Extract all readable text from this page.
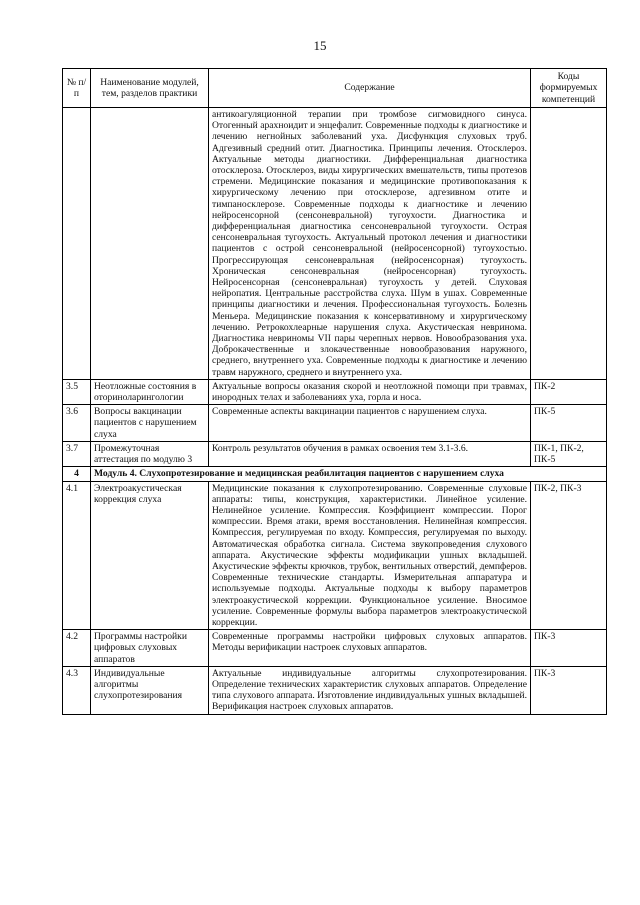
15
№ п/п	Наименование модулей, тем, разделов практики	Содержание	Коды формируемых компетенций
		антикоагуляционной терапии при тромбозе сигмовидного синуса. Отогенный арахноидит и энцефалит. Современные подходы к диагностике и лечению негнойных заболеваний уха. Дисфункция слуховых труб. Адгезивный средний отит. Диагностика. Принципы лечения. Отосклероз. Актуальные методы диагностики. Дифференциальная диагностика отосклероза. Отосклероз, виды хирургических вмешательств, типы протезов стремени. Медицинские показания и медицинские противопоказания к хирургическому лечению при отосклерозе, адгезивном отите и тимпаносклерозе. Современные подходы к диагностике и лечению нейросенсорной (сенсоневральной) тугоухости. Диагностика и дифференциальная диагностика сенсоневральной тугоухости. Острая сенсоневральная тугоухость. Актуальный протокол лечения и диагностики пациентов с острой сенсоневральной (нейросенсорной) тугоухостью. Прогрессирующая сенсоневральная (нейросенсорная) тугоухость. Хроническая сенсоневральная (нейросенсорная) тугоухость. Нейросенсорная (сенсоневральная) тугоухость у детей. Слуховая нейропатия. Центральные расстройства слуха. Шум в ушах. Современные принципы диагностики и лечения. Профессиональная тугоухость. Болезнь Меньера. Медицинские показания к консервативному и хирургическому лечению. Ретрокохлеарные нарушения слуха. Акустическая невринома. Диагностика невриномы VII пары черепных нервов. Новообразования уха. Доброкачественные и злокачественные новообразования наружного, среднего, внутреннего уха. Современные подходы к диагностике и лечению травм наружного, среднего и внутреннего уха.	
3.5	Неотложные состояния в оториноларингологии	Актуальные вопросы оказания скорой и неотложной помощи при травмах, инородных телах и заболеваниях уха, горла и носа.	ПК-2
3.6	Вопросы вакцинации пациентов с нарушением слуха	Современные аспекты вакцинации пациентов с нарушением слуха.	ПК-5
3.7	Промежуточная аттестация по модулю 3	Контроль результатов обучения в рамках освоения тем 3.1-3.6.	ПК-1, ПК-2, ПК-5
4	Модуль 4. Слухопротезирование и медицинская реабилитация пациентов с нарушением слуха		
4.1	Электроакустическая коррекция слуха	Медицинские показания к слухопротезированию. Современные слуховые аппараты: типы, конструкция, характеристики. Линейное усиление. Нелинейное усиление. Компрессия. Коэффициент компрессии. Порог компрессии. Время атаки, время восстановления. Нелинейная компрессия. Компрессия, регулируемая по входу. Компрессия, регулируемая по выходу. Автоматическая обработка сигнала. Система звукопроведения слухового аппарата. Акустические эффекты модификации ушных вкладышей. Акустические эффекты крючков, трубок, вентильных отверстий, демпферов. Современные технические стандарты. Измерительная аппаратура и используемые подходы. Актуальные подходы к выбору параметров электроакустической коррекции. Функциональное усиление. Вносимое усиление. Современные формулы выбора параметров электроакустической коррекции.	ПК-2, ПК-3
4.2	Программы настройки цифровых слуховых аппаратов	Современные программы настройки цифровых слуховых аппаратов. Методы верификации настроек слуховых аппаратов.	ПК-3
4.3	Индивидуальные алгоритмы слухопротезирования	Актуальные индивидуальные алгоритмы слухопротезирования. Определение технических характеристик слуховых аппаратов. Определение типа слухового аппарата. Изготовление индивидуальных ушных вкладышей. Верификация настроек слуховых аппаратов.	ПК-3
